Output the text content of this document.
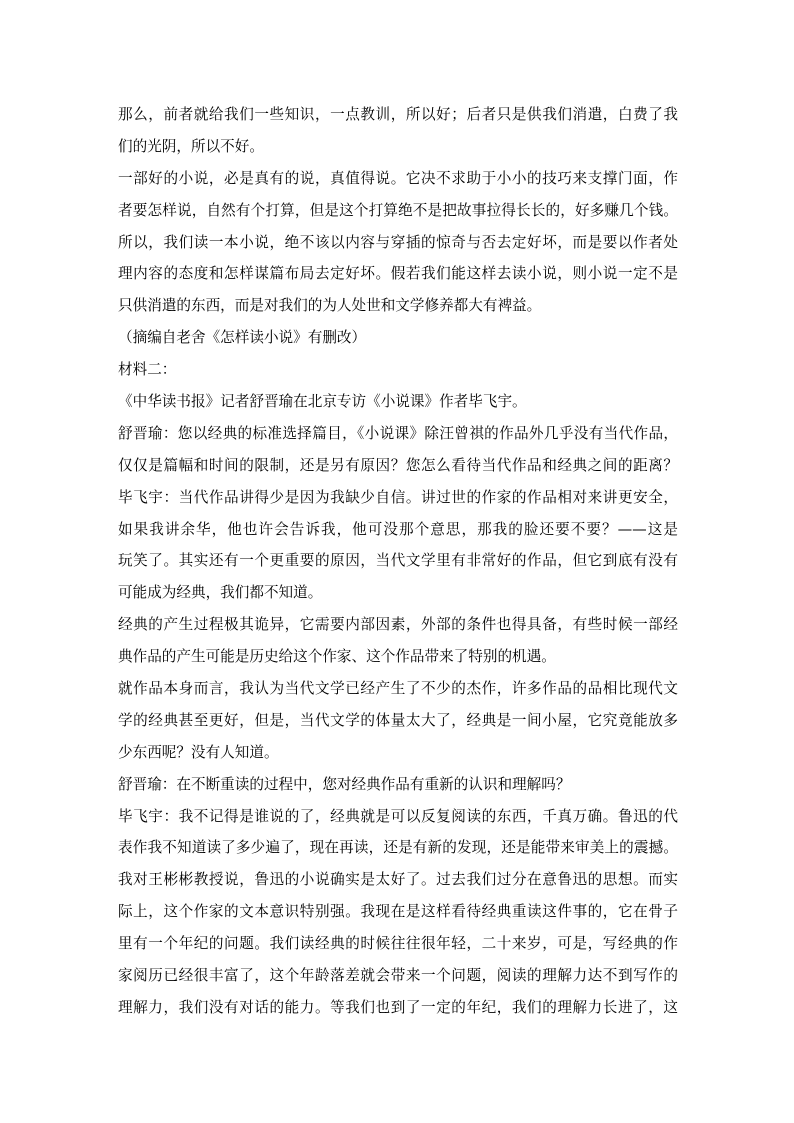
那么，前者就给我们一些知识，一点教训，所以好；后者只是供我们消遣，白费了我
们的光阴，所以不好。
一部好的小说，必是真有的说，真值得说。它决不求助于小小的技巧来支撑门面，作
者要怎样说，自然有个打算，但是这个打算绝不是把故事拉得长长的，好多赚几个钱。
所以，我们读一本小说，绝不该以内容与穿插的惊奇与否去定好坏，而是要以作者处
理内容的态度和怎样谋篇布局去定好坏。假若我们能这样去读小说，则小说一定不是
只供消遣的东西，而是对我们的为人处世和文学修养都大有裨益。
（摘编自老舍《怎样读小说》有删改）
材料二：
《中华读书报》记者舒晋瑜在北京专访《小说课》作者毕飞宇。
舒晋瑜：您以经典的标准选择篇目，《小说课》除汪曾祺的作品外几乎没有当代作品，
仅仅是篇幅和时间的限制，还是另有原因？您怎么看待当代作品和经典之间的距离？
毕飞宇：当代作品讲得少是因为我缺少自信。讲过世的作家的作品相对来讲更安全，
如果我讲余华，他也许会告诉我，他可没那个意思，那我的脸还要不要？——这是
玩笑了。其实还有一个更重要的原因，当代文学里有非常好的作品，但它到底有没有
可能成为经典，我们都不知道。
经典的产生过程极其诡异，它需要内部因素，外部的条件也得具备，有些时候一部经
典作品的产生可能是历史给这个作家、这个作品带来了特别的机遇。
就作品本身而言，我认为当代文学已经产生了不少的杰作，许多作品的品相比现代文
学的经典甚至更好，但是，当代文学的体量太大了，经典是一间小屋，它究竟能放多
少东西呢？没有人知道。
舒晋瑜：在不断重读的过程中，您对经典作品有重新的认识和理解吗？
毕飞宇：我不记得是谁说的了，经典就是可以反复阅读的东西，千真万确。鲁迅的代
表作我不知道读了多少遍了，现在再读，还是有新的发现，还是能带来审美上的震撼。
我对王彬彬教授说，鲁迅的小说确实是太好了。过去我们过分在意鲁迅的思想。而实
际上，这个作家的文本意识特别强。我现在是这样看待经典重读这件事的，它在骨子
里有一个年纪的问题。我们读经典的时候往往很年轻，二十来岁，可是，写经典的作
家阅历已经很丰富了，这个年龄落差就会带来一个问题，阅读的理解力达不到写作的
理解力，我们没有对话的能力。等我们也到了一定的年纪，我们的理解力长进了，这
